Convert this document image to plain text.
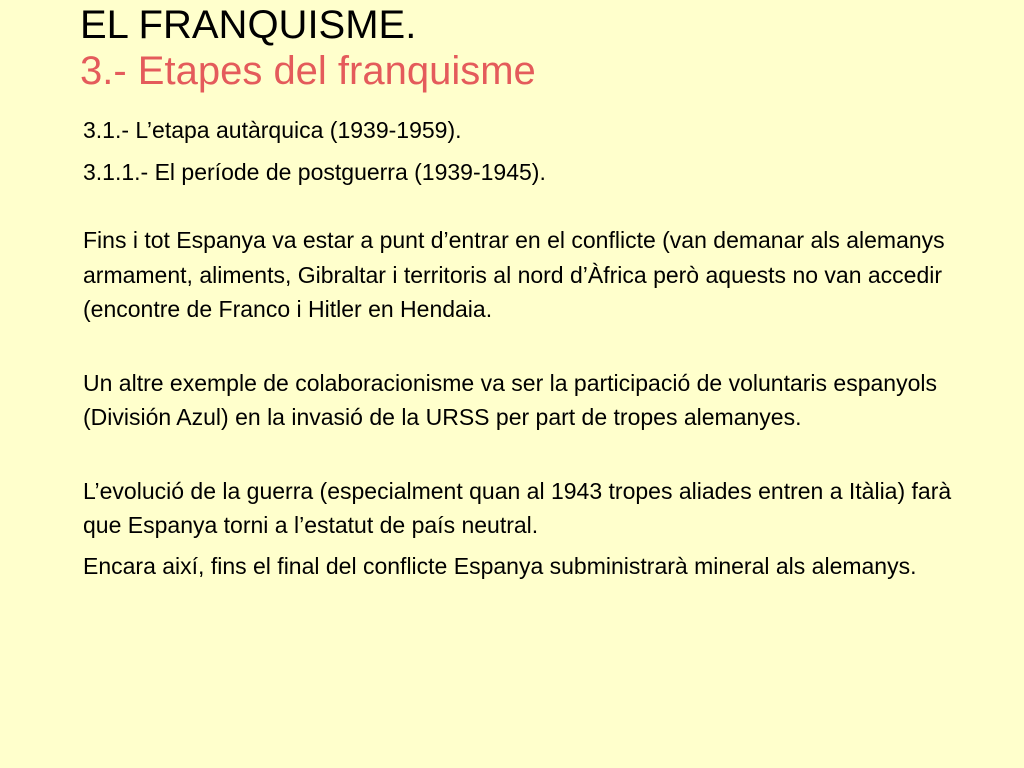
EL FRANQUISME.
3.- Etapes del franquisme

3.1.- L’etapa autàrquica (1939-1959).

3.1.1.- El període de postguerra (1939-1945).

Fins i tot Espanya va estar a punt d’entrar en el conflicte (van demanar als alemanys armament, aliments, Gibraltar i territoris al nord d’Àfrica però aquests no van accedir (encontre de Franco i Hitler en Hendaia.

Un altre exemple de colaboracionisme va ser la participació de voluntaris espanyols (División Azul) en la invasió de la URSS per part de tropes alemanyes.

L’evolució de la guerra (especialment quan al 1943 tropes aliades entren a Itàlia) farà que Espanya torni a l’estatut de país neutral.

Encara així, fins el final del conflicte Espanya subministrarà mineral als alemanys.
